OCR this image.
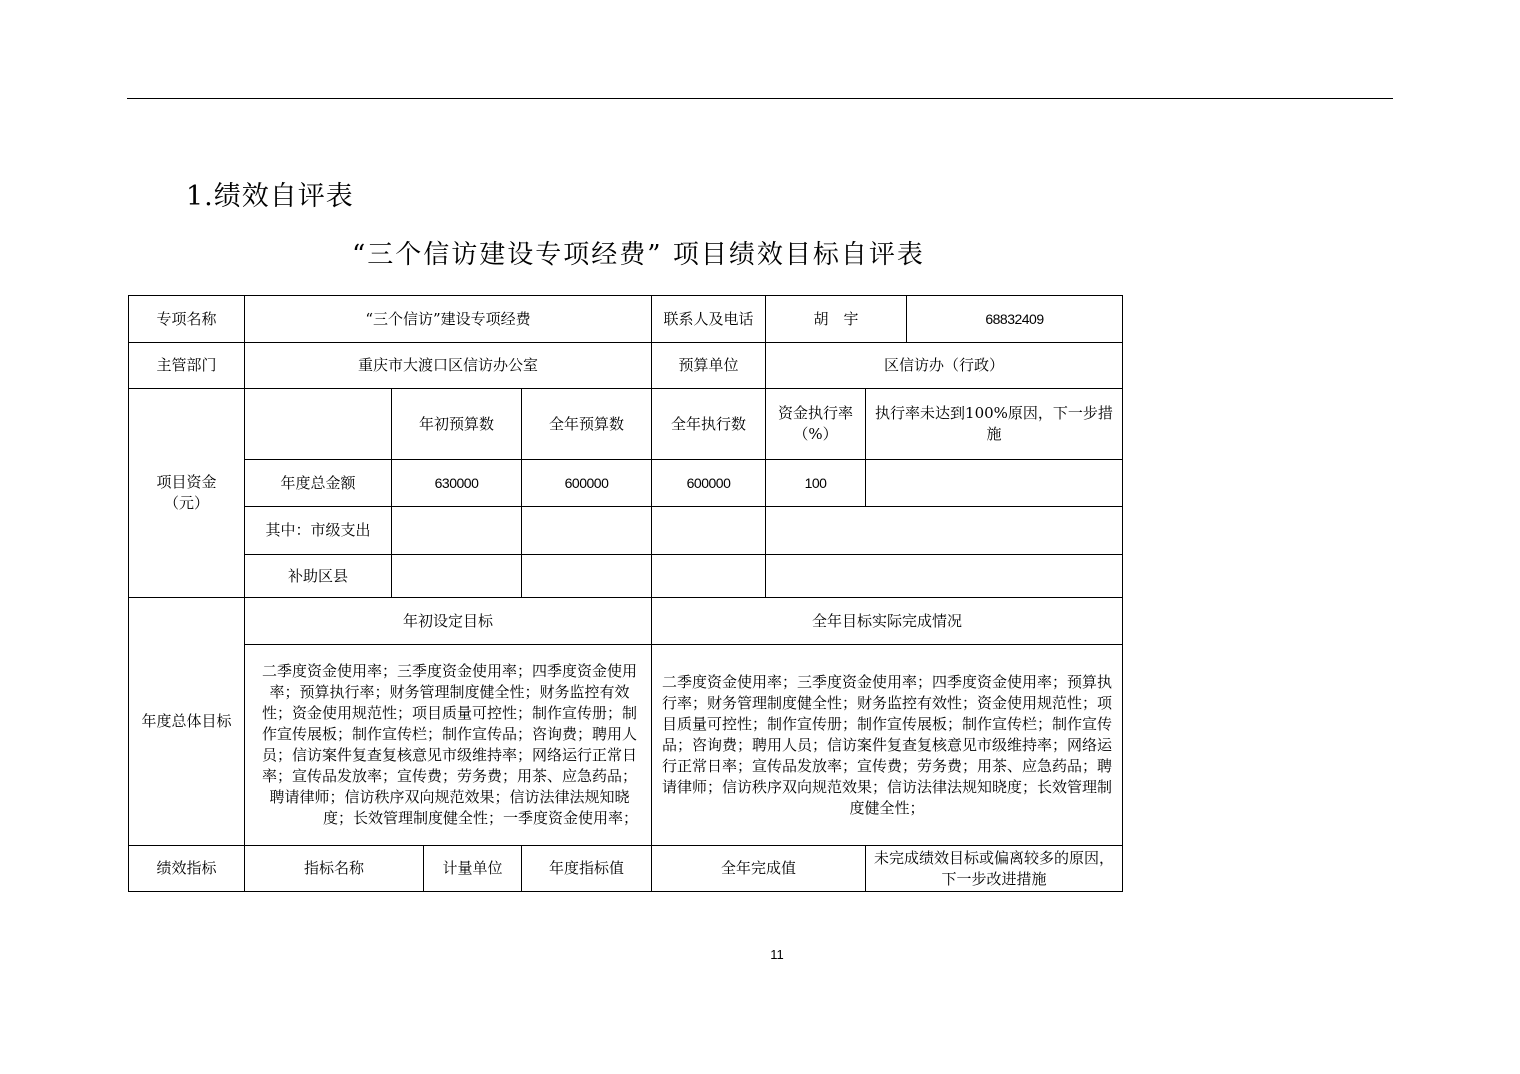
1.绩效自评表
“三个信访建设专项经费” 项目绩效目标自评表
专项名称	“三个信访”建设专项经费				联系人及电话	胡　宇		68832409
主管部门	重庆市大渡口区信访办公室				预算单位	区信访办（行政）		

项目资金（元）		年初预算数		全年预算数	全年执行数	资金执行率（%）	执行率未达到100%原因，下一步措施	
	年度总金额	630000		600000	600000	100		
	其中：市级支出							
	补助区县							
年度总体目标	年初设定目标				全年目标实际完成情况			
	二季度资金使用率；三季度资金使用率；四季度资金使用率；预算执行率；财务管理制度健全性；财务监控有效性；资金使用规范性；项目质量可控性；制作宣传册；制作宣传展板；制作宣传栏；制作宣传品；咨询费；聘用人员；信访案件复查复核意见市级维持率；网络运行正常日率；宣传品发放率；宣传费；劳务费；用茶、应急药品；聘请律师；信访秩序双向规范效果；信访法律法规知晓度；长效管理制度健全性；一季度资金使用率；				二季度资金使用率；三季度资金使用率；四季度资金使用率；预算执行率；财务管理制度健全性；财务监控有效性；资金使用规范性；项目质量可控性；制作宣传册；制作宣传展板；制作宣传栏；制作宣传品；咨询费；聘用人员；信访案件复查复核意见市级维持率；网络运行正常日率；宣传品发放率；宣传费；劳务费；用茶、应急药品；聘请律师；信访秩序双向规范效果；信访法律法规知晓度；长效管理制度健全性；			
绩效指标	指标名称		计量单位	年度指标值	全年完成值		未完成绩效目标或偏离较多的原因，下一步改进措施	
11
